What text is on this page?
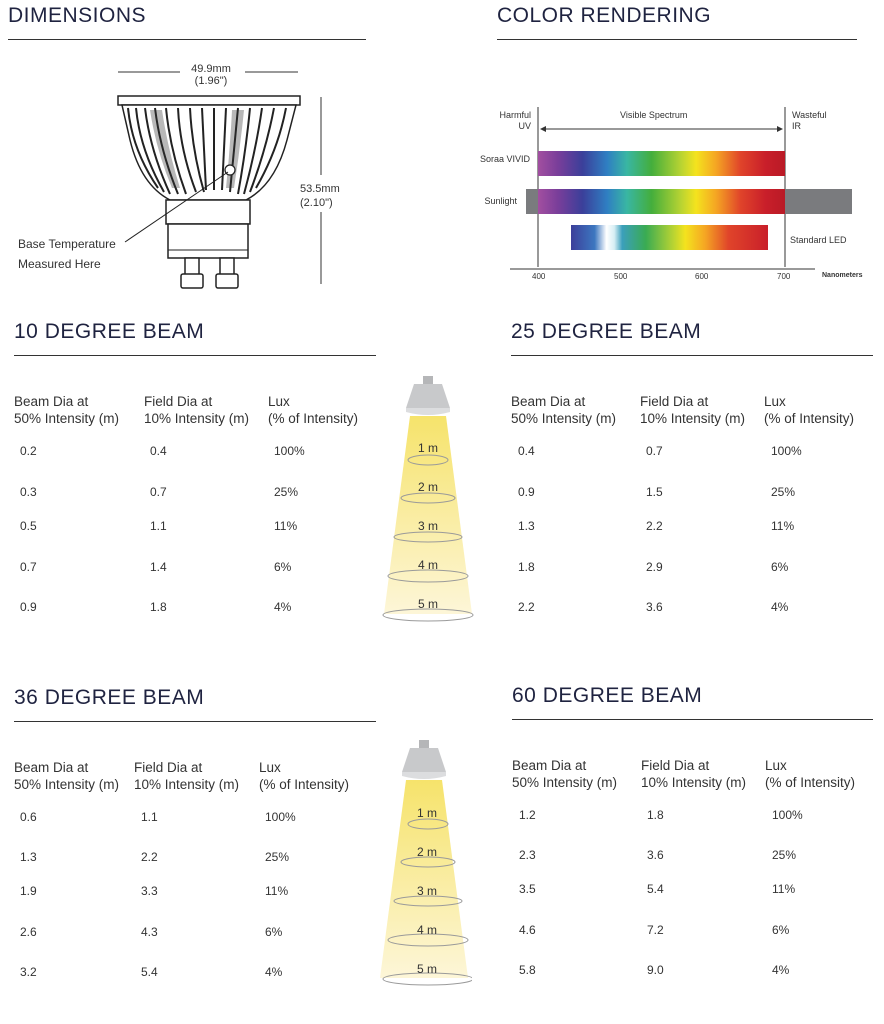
DIMENSIONS
49.9mm
(1.96")
53.5mm
(2.10")
Base Temperature
Measured Here
COLOR RENDERING
Harmful
UV
Visible Spectrum	Wasteful
IR
Soraa VIVID
Sunlight
Standard LED
400	500	600	700	Nanometers
1 m
2 m
3 m
4 m
5 m
1 m
2 m
3 m
4 m
5 m
10 DEGREE BEAM
Beam Dia at
50% Intensity (m)
Field Dia at
10% Intensity (m)
Lux
(% of Intensity)
0.2	0.4	100%
0.3	0.7	25%
0.5	1.1	11%
0.7	1.4	6%
0.9	1.8	4%
25 DEGREE BEAM
Beam Dia at
50% Intensity (m)
Field Dia at
10% Intensity (m)
Lux
(% of Intensity)
0.4	0.7	100%
0.9	1.5	25%
1.3	2.2	11%
1.8	2.9	6%
2.2	3.6	4%
36 DEGREE BEAM
Beam Dia at
50% Intensity (m)
Field Dia at
10% Intensity (m)
Lux
(% of Intensity)
0.6	1.1	100%
1.3	2.2	25%
1.9	3.3	11%
2.6	4.3	6%
3.2	5.4	4%
60 DEGREE BEAM
Beam Dia at
50% Intensity (m)
Field Dia at
10% Intensity (m)
Lux
(% of Intensity)
1.2	1.8	100%
2.3	3.6	25%
3.5	5.4	11%
4.6	7.2	6%
5.8	9.0	4%
